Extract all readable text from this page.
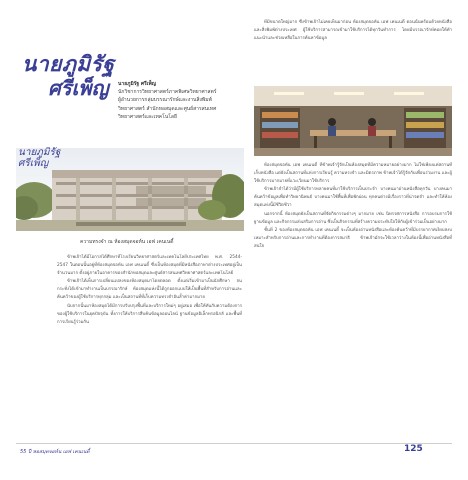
นายภูมิรัฐ
ศรีเพ็ญ นายภูมิรัฐ ศรีเพ็ญ
นักวิชาการวิทยาศาสตร์ภาคพิเศษวิทยาศาสตร์
ผู้อำนวยการกลุ่มบรรณารักษ์และงานสิ่งพิมพ์
วิทยาศาสตร์ สำนักหอสมุดและศูนย์สารสนเทศ
วิทยาศาสตร์และเทคโนโลยี
นายภูมิรัฐ
ศรีเพ็ญ
ความทรงจำ ณ ห้องสมุดจอห์น เอฟ เคนเนดี้

ข้าพเจ้าได้มีโอกาสได้ศึกษาที่โรงเรียนวิทยาศาสตร์และเทคโนโลยีประเทศไทย พ.ศ. 2544-2547 ในตอนนั้นอยู่ที่ห้องสมุดจอห์น เอฟ เคนเนดี้ ซึ่งเป็นห้องสมุดที่มีหนังสือภาษาต่างประเทศอยู่เป็นจำนวนมาก ตั้งอยู่ภายในอาคารของสำนักหอสมุดและศูนย์สารสนเทศวิทยาศาสตร์และเทคโนโลยี

ข้าพเจ้าได้เห็นการเปลี่ยนแปลงของห้องสมุดมาโดยตลอด ตั้งแต่เริ่มเข้ามาเป็นนักศึกษา จนกระทั่งได้เข้ามาทำงานเป็นบรรณารักษ์ ห้องสมุดแห่งนี้ได้ถูกออกแบบให้เป็นพื้นที่สำหรับการอ่านและค้นคว้าของผู้ใช้บริการทุกกลุ่ม และเป็นสถานที่ที่เก็บความทรงจำอันล้ำค่ามากมาย

นับจากนั้นมาห้องสมุดได้มีการปรับปรุงพื้นที่และบริการใหม่ๆ อยู่เสมอ เพื่อให้ทันกับความต้องการของผู้ใช้บริการในยุคปัจจุบัน ทั้งการให้บริการสืบค้นข้อมูลออนไลน์ ฐานข้อมูลอิเล็กทรอนิกส์ และพื้นที่การเรียนรู้ร่วมกัน

ที่มีขนาดใหญ่มาก ซึ่งข้าพเจ้าไม่เคยเห็นมาก่อน ห้องสมุดจอห์น เอฟ เคนเนดี้ ตอนนั้นพร้อมด้วยหนังสือและสิ่งพิมพ์ต่างประเทศ ผู้ใช้บริการสามารถเข้ามาใช้บริการได้ทุกวันทำการ โดยมีบรรณารักษ์คอยให้คำแนะนำและช่วยเหลือในการค้นหาข้อมูล

ห้องสมุดจอห์น เอฟ เคนเนดี้ ที่ข้าพเจ้ารู้จักเป็นห้องสมุดที่มีความหมายอย่างมาก ไม่ใช่เพียงแค่สถานที่เก็บหนังสือ แต่ยังเป็นสถานที่แห่งการเรียนรู้ ความทรงจำ และมิตรภาพ ข้าพเจ้าได้รู้จักกับเพื่อนร่วมงาน และผู้ใช้บริการมากมายที่แวะเวียนมาใช้บริการ

ข้าพเจ้าจำได้ว่ามีผู้ใช้บริการหลายคนที่มาใช้บริการเป็นประจำ บางคนมาอ่านหนังสือทุกวัน บางคนมาค้นคว้าข้อมูลเพื่อทำวิทยานิพนธ์ บางคนมาใช้พื้นที่เพื่อพักผ่อน ทุกคนต่างมีเรื่องราวที่น่าจดจำ และทำให้ห้องสมุดแห่งนี้มีชีวิตชีวา

นอกจากนี้ ห้องสมุดยังเป็นสถานที่จัดกิจกรรมต่างๆ มากมาย เช่น นิทรรศการหนังสือ การอบรมการใช้ฐานข้อมูล และกิจกรรมส่งเสริมการอ่าน ซึ่งเป็นกิจกรรมที่สร้างความประทับใจให้กับผู้เข้าร่วมเป็นอย่างมาก

ชั้นที่ 2 ของห้องสมุดจอห์น เอฟ เคนเนดี้ จะเป็นห้องอ่านหนังสือและห้องค้นคว้าที่มีบรรยากาศเงียบสงบ เหมาะสำหรับการอ่านและการทำงานที่ต้องการสมาธิ ข้าพเจ้ามักจะใช้เวลาว่างในห้องนี้เพื่ออ่านหนังสือที่สนใจ

55 ปี หอสมุดจอห์น เอฟ เคนเนดี้	125
